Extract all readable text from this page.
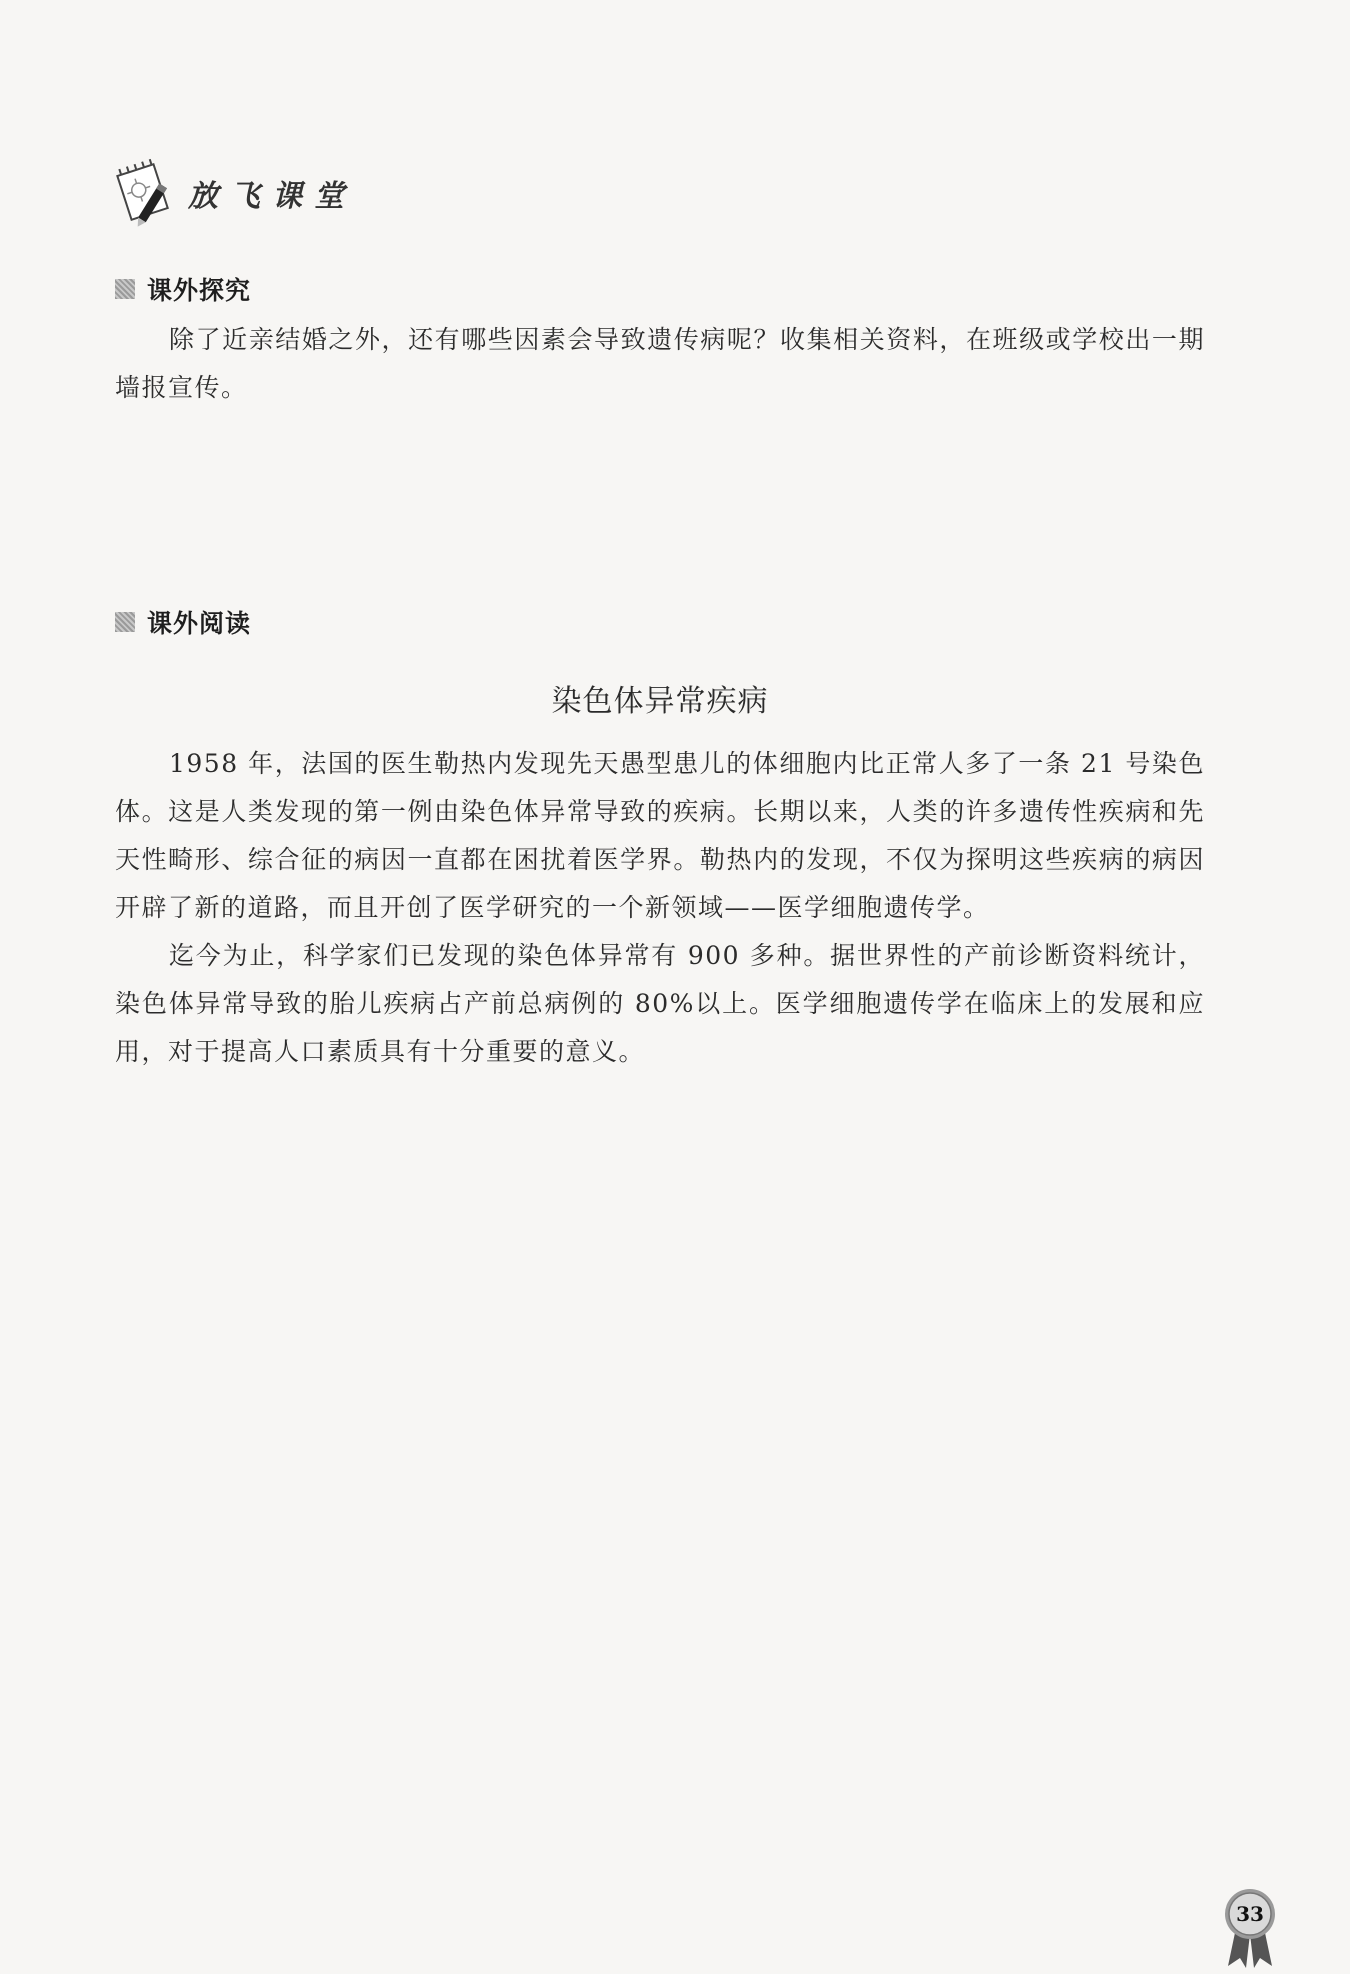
放飞课堂
课外探究

除了近亲结婚之外，还有哪些因素会导致遗传病呢？收集相关资料，在班级或学校出一期墙报宣传。

课外阅读
染色体异常疾病

1958 年，法国的医生勒热内发现先天愚型患儿的体细胞内比正常人多了一条 21 号染色体。这是人类发现的第一例由染色体异常导致的疾病。长期以来，人类的许多遗传性疾病和先天性畸形、综合征的病因一直都在困扰着医学界。勒热内的发现，不仅为探明这些疾病的病因开辟了新的道路，而且开创了医学研究的一个新领域——医学细胞遗传学。

迄今为止，科学家们已发现的染色体异常有 900 多种。据世界性的产前诊断资料统计，染色体异常导致的胎儿疾病占产前总病例的 80%以上。医学细胞遗传学在临床上的发展和应用，对于提高人口素质具有十分重要的意义。

33
